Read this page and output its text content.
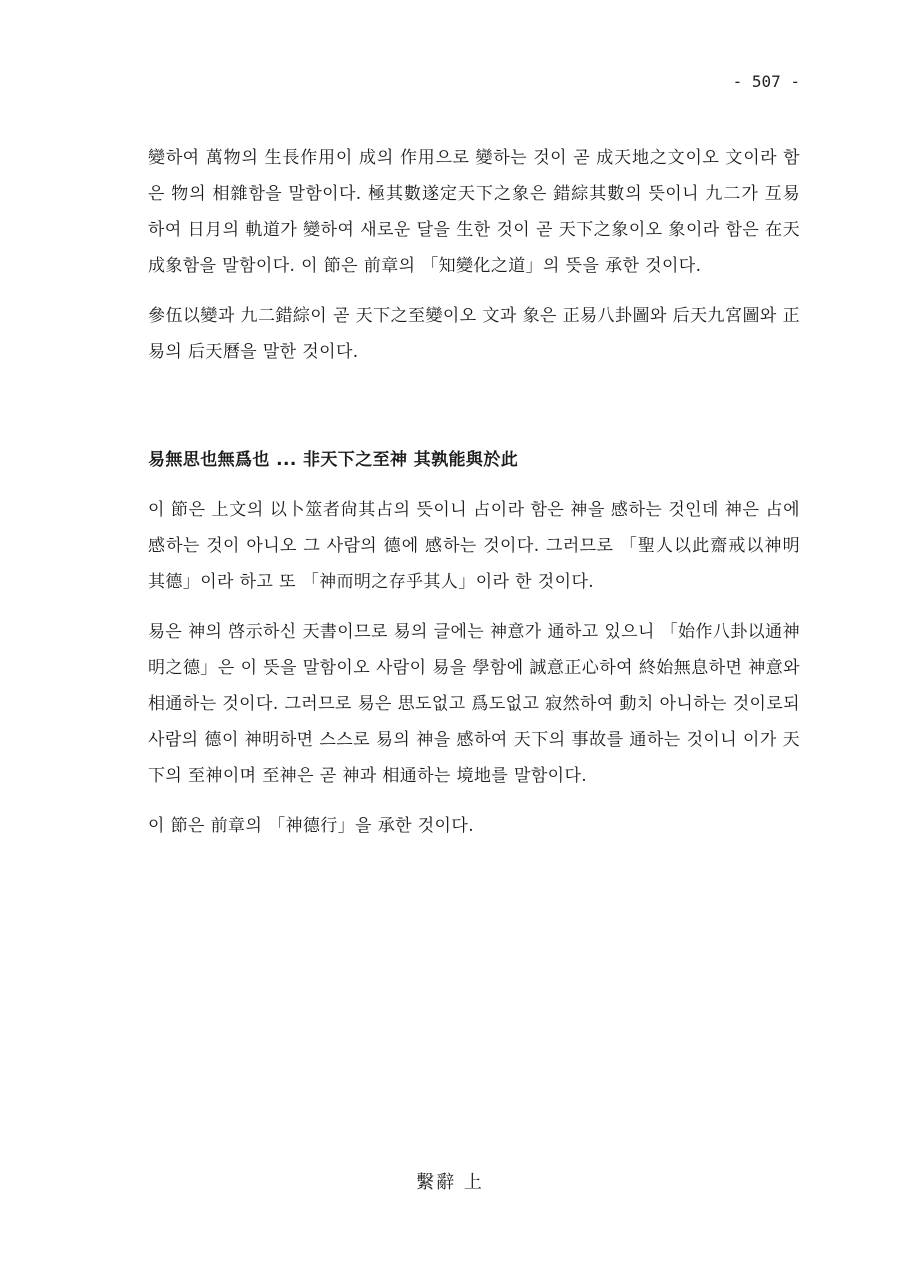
- 507 -

變하여 萬物의 生長作用이 成의 作用으로 變하는 것이 곧 成天地之文이오 文이라 함은 物의 相雜함을 말함이다. 極其數遂定天下之象은 錯綜其數의 뜻이니 九二가 互易하여 日月의 軌道가 變하여 새로운 달을 生한 것이 곧 天下之象이오 象이라 함은 在天成象함을 말함이다. 이 節은 前章의 「知變化之道」의 뜻을 承한 것이다.

參伍以變과 九二錯綜이 곧 天下之至變이오 文과 象은 正易八卦圖와 后天九宮圖와 正易의 后天曆을 말한 것이다.

易無思也無爲也 ... 非天下之至神 其孰能與於此

이 節은 上文의 以卜筮者尙其占의 뜻이니 占이라 함은 神을 感하는 것인데 神은 占에 感하는 것이 아니오 그 사람의 德에 感하는 것이다. 그러므로 「聖人以此齋戒以神明其德」이라 하고 또 「神而明之存乎其人」이라 한 것이다.

易은 神의 啓示하신 天書이므로 易의 글에는 神意가 通하고 있으니 「始作八卦以通神明之德」은 이 뜻을 말함이오 사람이 易을 學함에 誠意正心하여 終始無息하면 神意와 相通하는 것이다. 그러므로 易은 思도없고 爲도없고 寂然하여 動치 아니하는 것이로되 사람의 德이 神明하면 스스로 易의 神을 感하여 天下의 事故를 通하는 것이니 이가 天下의 至神이며 至神은 곧 神과 相通하는 境地를 말함이다.

이 節은 前章의 「神德行」을 承한 것이다.

繫辭 上
